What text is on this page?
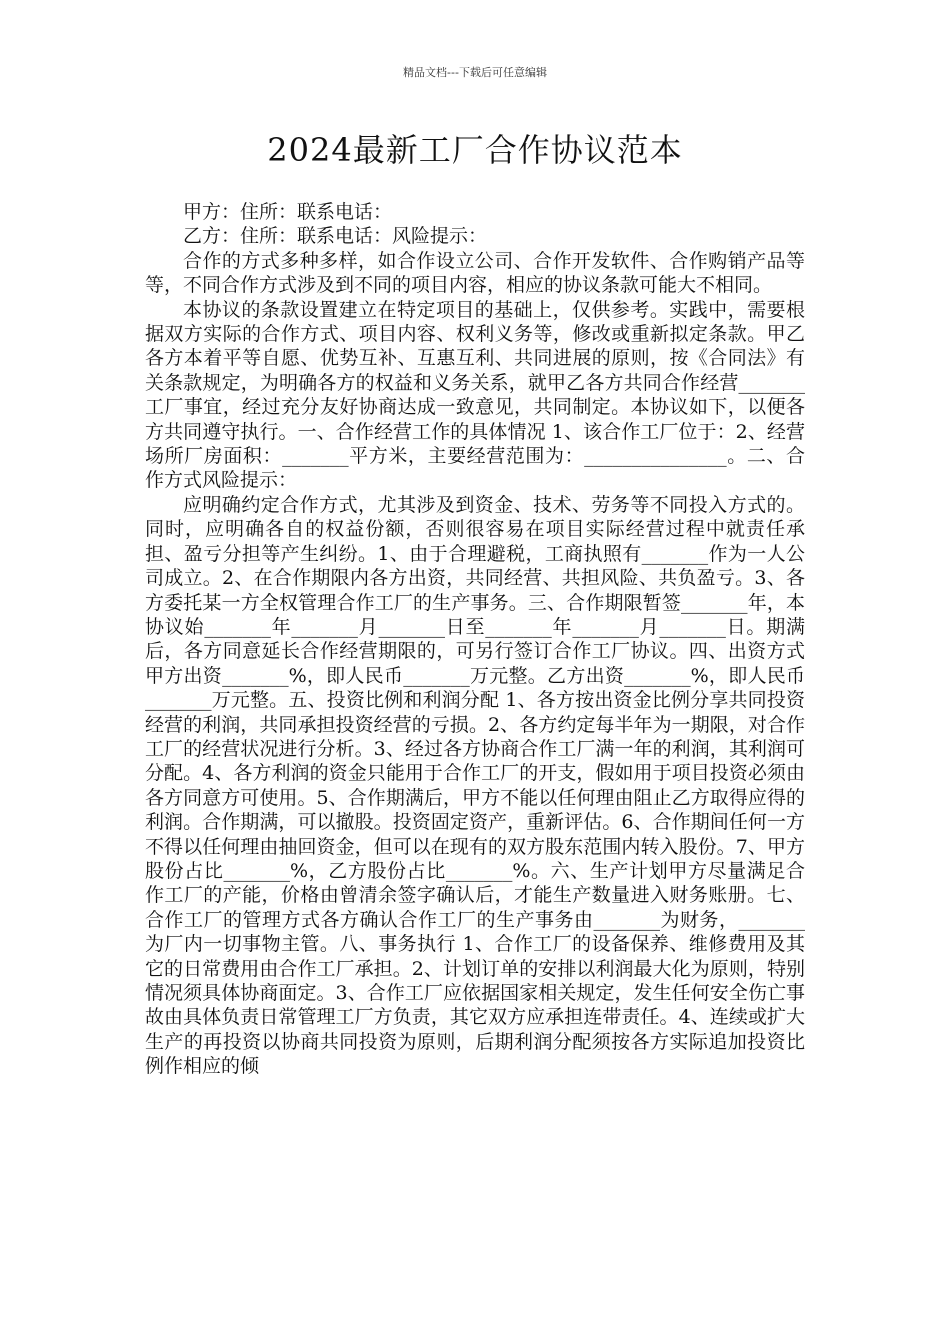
精品文档---下载后可任意编辑
2024最新工厂合作协议范本

甲方：住所：联系电话：

乙方：住所：联系电话：风险提示：

合作的方式多种多样，如合作设立公司、合作开发软件、合作购销产品等等，不同合作方式涉及到不同的项目内容，相应的协议条款可能大不相同。

本协议的条款设置建立在特定项目的基础上，仅供参考。实践中，需要根据双方实际的合作方式、项目内容、权利义务等，修改或重新拟定条款。甲乙各方本着平等自愿、优势互补、互惠互利、共同进展的原则，按《合同法》有关条款规定，为明确各方的权益和义务关系，就甲乙各方共同合作经营_______工厂事宜，经过充分友好协商达成一致意见，共同制定。本协议如下，以便各方共同遵守执行。一、合作经营工作的具体情况 1、该合作工厂位于：2、经营场所厂房面积：_______平方米，主要经营范围为：_______________。二、合作方式风险提示：

应明确约定合作方式，尤其涉及到资金、技术、劳务等不同投入方式的。同时，应明确各自的权益份额，否则很容易在项目实际经营过程中就责任承担、盈亏分担等产生纠纷。1、由于合理避税，工商执照有_______作为一人公司成立。2、在合作期限内各方出资，共同经营、共担风险、共负盈亏。3、各方委托某一方全权管理合作工厂的生产事务。三、合作期限暂签_______年，本协议始_______年_______月_______日至_______年_______月_______日。期满后，各方同意延长合作经营期限的，可另行签订合作工厂协议。四、出资方式甲方出资_______%，即人民币_______万元整。乙方出资_______%，即人民币_______万元整。五、投资比例和利润分配 1、各方按出资金比例分享共同投资经营的利润，共同承担投资经营的亏损。2、各方约定每半年为一期限，对合作工厂的经营状况进行分析。3、经过各方协商合作工厂满一年的利润，其利润可分配。4、各方利润的资金只能用于合作工厂的开支，假如用于项目投资必须由各方同意方可使用。5、合作期满后，甲方不能以任何理由阻止乙方取得应得的利润。合作期满，可以撤股。投资固定资产，重新评估。6、合作期间任何一方不得以任何理由抽回资金，但可以在现有的双方股东范围内转入股份。7、甲方股份占比_______%，乙方股份占比_______%。六、生产计划甲方尽量满足合作工厂的产能，价格由曾清余签字确认后，才能生产数量进入财务账册。七、合作工厂的管理方式各方确认合作工厂的生产事务由_______为财务，_______为厂内一切事物主管。八、事务执行 1、合作工厂的设备保养、维修费用及其它的日常费用由合作工厂承担。2、计划订单的安排以利润最大化为原则，特别情况须具体协商面定。3、合作工厂应依据国家相关规定，发生任何安全伤亡事故由具体负责日常管理工厂方负责，其它双方应承担连带责任。4、连续或扩大生产的再投资以协商共同投资为原则，后期利润分配须按各方实际追加投资比例作相应的倾
